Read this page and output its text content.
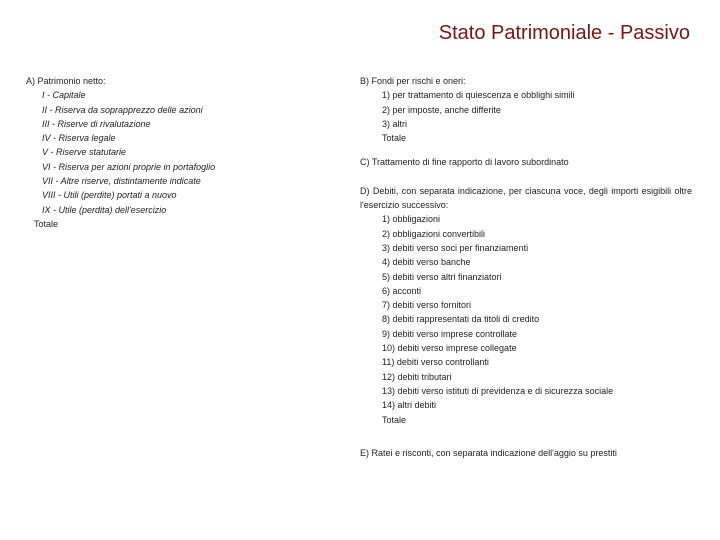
Stato Patrimoniale - Passivo
A) Patrimonio netto:
I - Capitale
II - Riserva da soprapprezzo delle azioni
III - Riserve di rivalutazione
IV - Riserva legale
V - Riserve statutarie
VI - Riserva per azioni proprie in portafoglio
VII - Altre riserve, distintamente indicate
VIII - Utili (perdite) portati a nuovo
IX - Utile (perdita) dell'esercizio
Totale
B) Fondi per rischi e oneri:
1) per trattamento di quiescenza e obblighi simili
2) per imposte, anche differite
3) altri
Totale
C) Trattamento di fine rapporto di lavoro subordinato
D) Debiti, con separata indicazione, per ciascuna voce, degli importi esigibili oltre l'esercizio successivo:
1) obbligazioni
2) obbligazioni convertibili
3) debiti verso soci per finanziamenti
4) debiti verso banche
5) debiti verso altri finanziatori
6) acconti
7) debiti verso fornitori
8) debiti rappresentati da titoli di credito
9) debiti verso imprese controllate
10) debiti verso imprese collegate
11) debiti verso controllanti
12) debiti tributari
13) debiti verso istituti di previdenza e di sicurezza sociale
14) altri debiti
Totale
E) Ratei e risconti, con separata indicazione dell'aggio su prestiti
